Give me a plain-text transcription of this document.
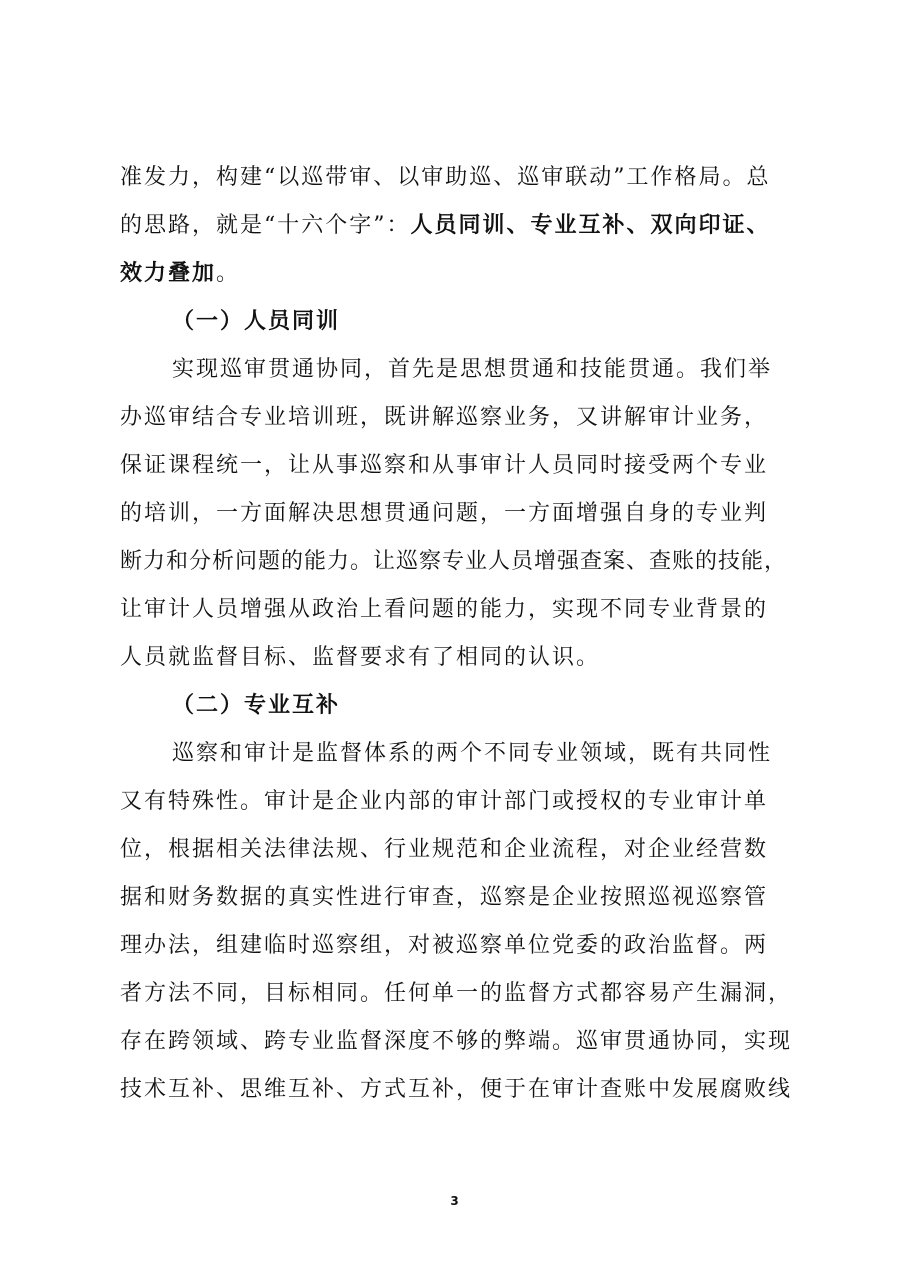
准发力，构建“以巡带审、以审助巡、巡审联动”工作格局。总
的思路，就是“十六个字”：人员同训、专业互补、双向印证、
效力叠加。
（一）人员同训
实现巡审贯通协同，首先是思想贯通和技能贯通。我们举
办巡审结合专业培训班，既讲解巡察业务，又讲解审计业务，
保证课程统一，让从事巡察和从事审计人员同时接受两个专业
的培训，一方面解决思想贯通问题，一方面增强自身的专业判
断力和分析问题的能力。让巡察专业人员增强查案、查账的技能，
让审计人员增强从政治上看问题的能力，实现不同专业背景的
人员就监督目标、监督要求有了相同的认识。
（二）专业互补
巡察和审计是监督体系的两个不同专业领域，既有共同性
又有特殊性。审计是企业内部的审计部门或授权的专业审计单
位，根据相关法律法规、行业规范和企业流程，对企业经营数
据和财务数据的真实性进行审查，巡察是企业按照巡视巡察管
理办法，组建临时巡察组，对被巡察单位党委的政治监督。两
者方法不同，目标相同。任何单一的监督方式都容易产生漏洞，
存在跨领域、跨专业监督深度不够的弊端。巡审贯通协同，实现
技术互补、思维互补、方式互补，便于在审计查账中发展腐败线
3
